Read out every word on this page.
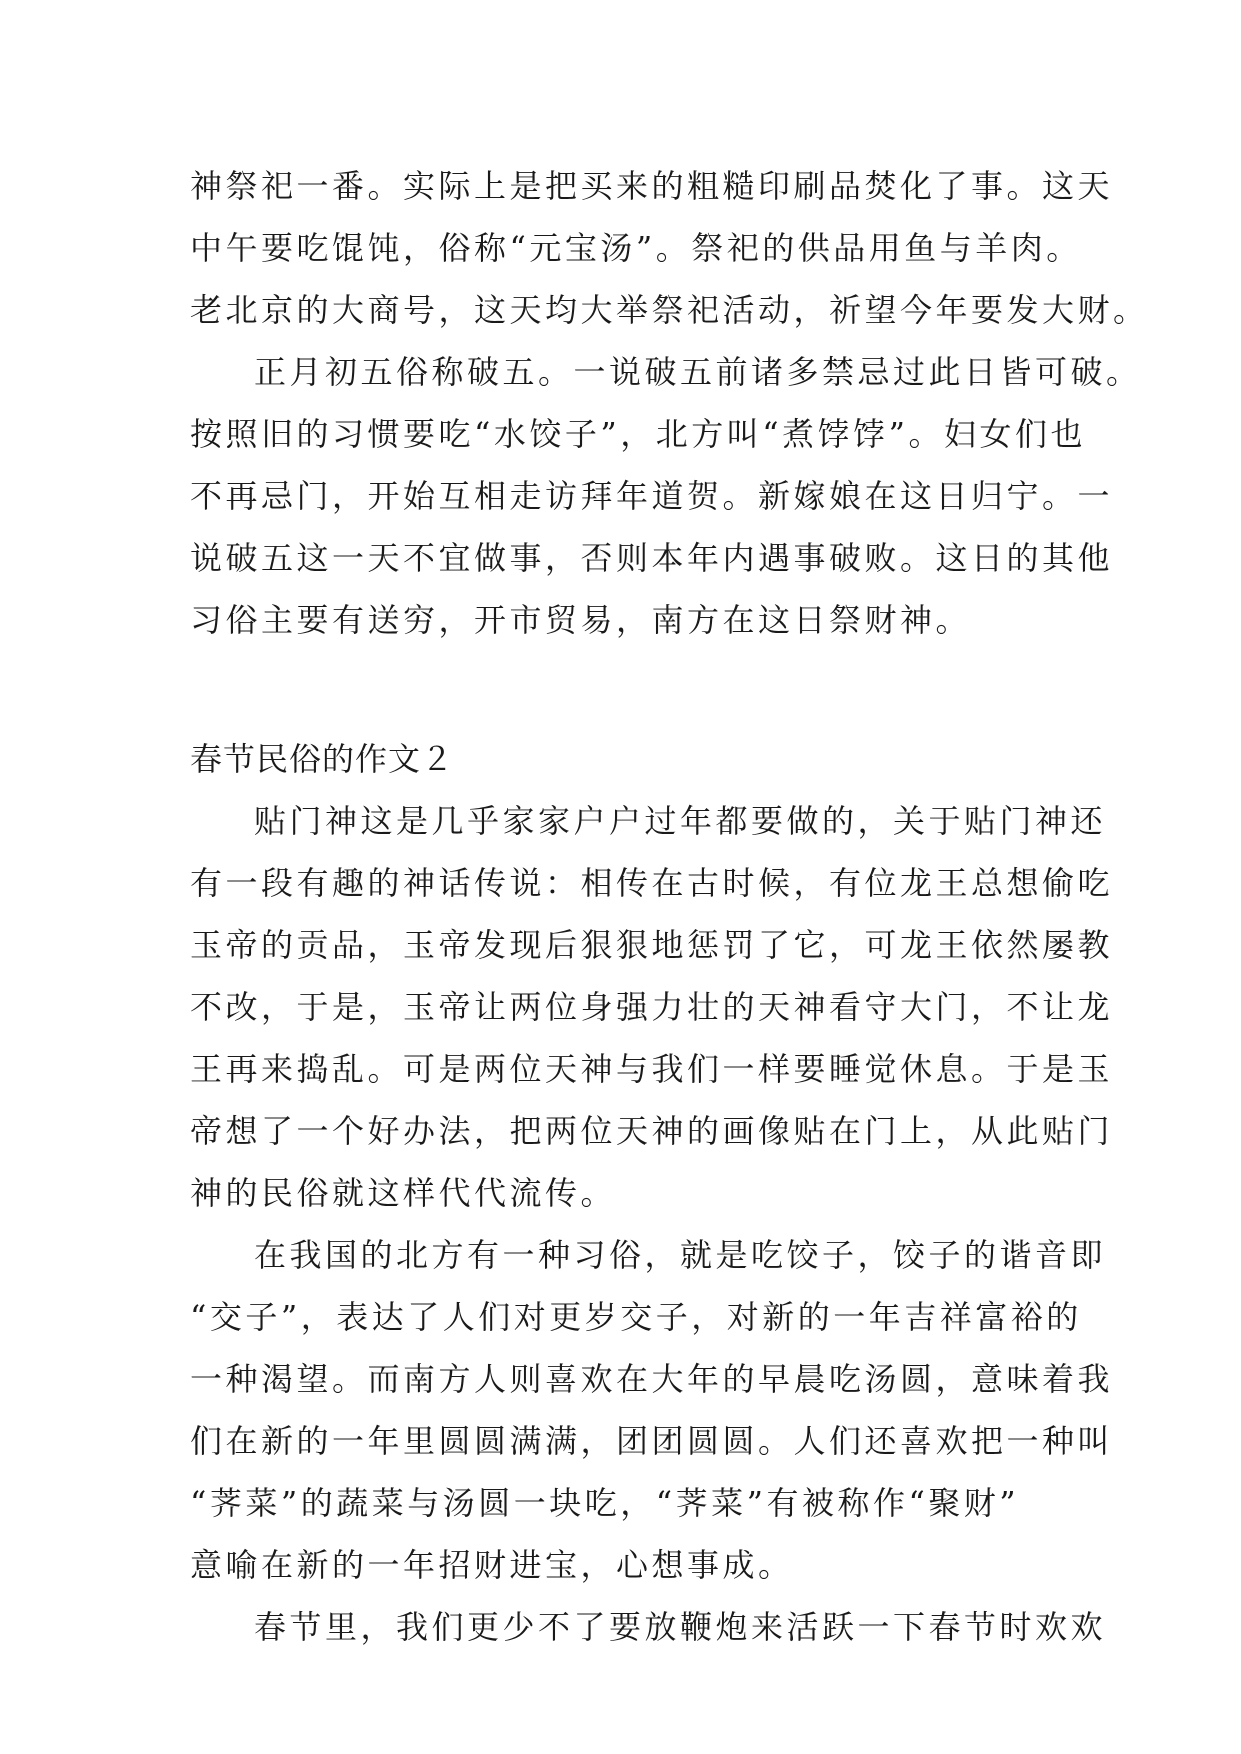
神祭祀一番。实际上是把买来的粗糙印刷品焚化了事。这天
中午要吃馄饨，俗称“元宝汤”。祭祀的供品用鱼与羊肉。
老北京的大商号，这天均大举祭祀活动，祈望今年要发大财。
正月初五俗称破五。一说破五前诸多禁忌过此日皆可破。
按照旧的习惯要吃“水饺子”，北方叫“煮饽饽”。妇女们也
不再忌门，开始互相走访拜年道贺。新嫁娘在这日归宁。一
说破五这一天不宜做事，否则本年内遇事破败。这日的其他
习俗主要有送穷，开市贸易，南方在这日祭财神。
春节民俗的作文２
贴门神这是几乎家家户户过年都要做的，关于贴门神还
有一段有趣的神话传说：相传在古时候，有位龙王总想偷吃
玉帝的贡品，玉帝发现后狠狠地惩罚了它，可龙王依然屡教
不改，于是，玉帝让两位身强力壮的天神看守大门，不让龙
王再来捣乱。可是两位天神与我们一样要睡觉休息。于是玉
帝想了一个好办法，把两位天神的画像贴在门上，从此贴门
神的民俗就这样代代流传。
在我国的北方有一种习俗，就是吃饺子，饺子的谐音即
“交子”，表达了人们对更岁交子，对新的一年吉祥富裕的
一种渴望。而南方人则喜欢在大年的早晨吃汤圆，意味着我
们在新的一年里圆圆满满，团团圆圆。人们还喜欢把一种叫
“荠菜”的蔬菜与汤圆一块吃，“荠菜”有被称作“聚财”
意喻在新的一年招财进宝，心想事成。
春节里，我们更少不了要放鞭炮来活跃一下春节时欢欢
